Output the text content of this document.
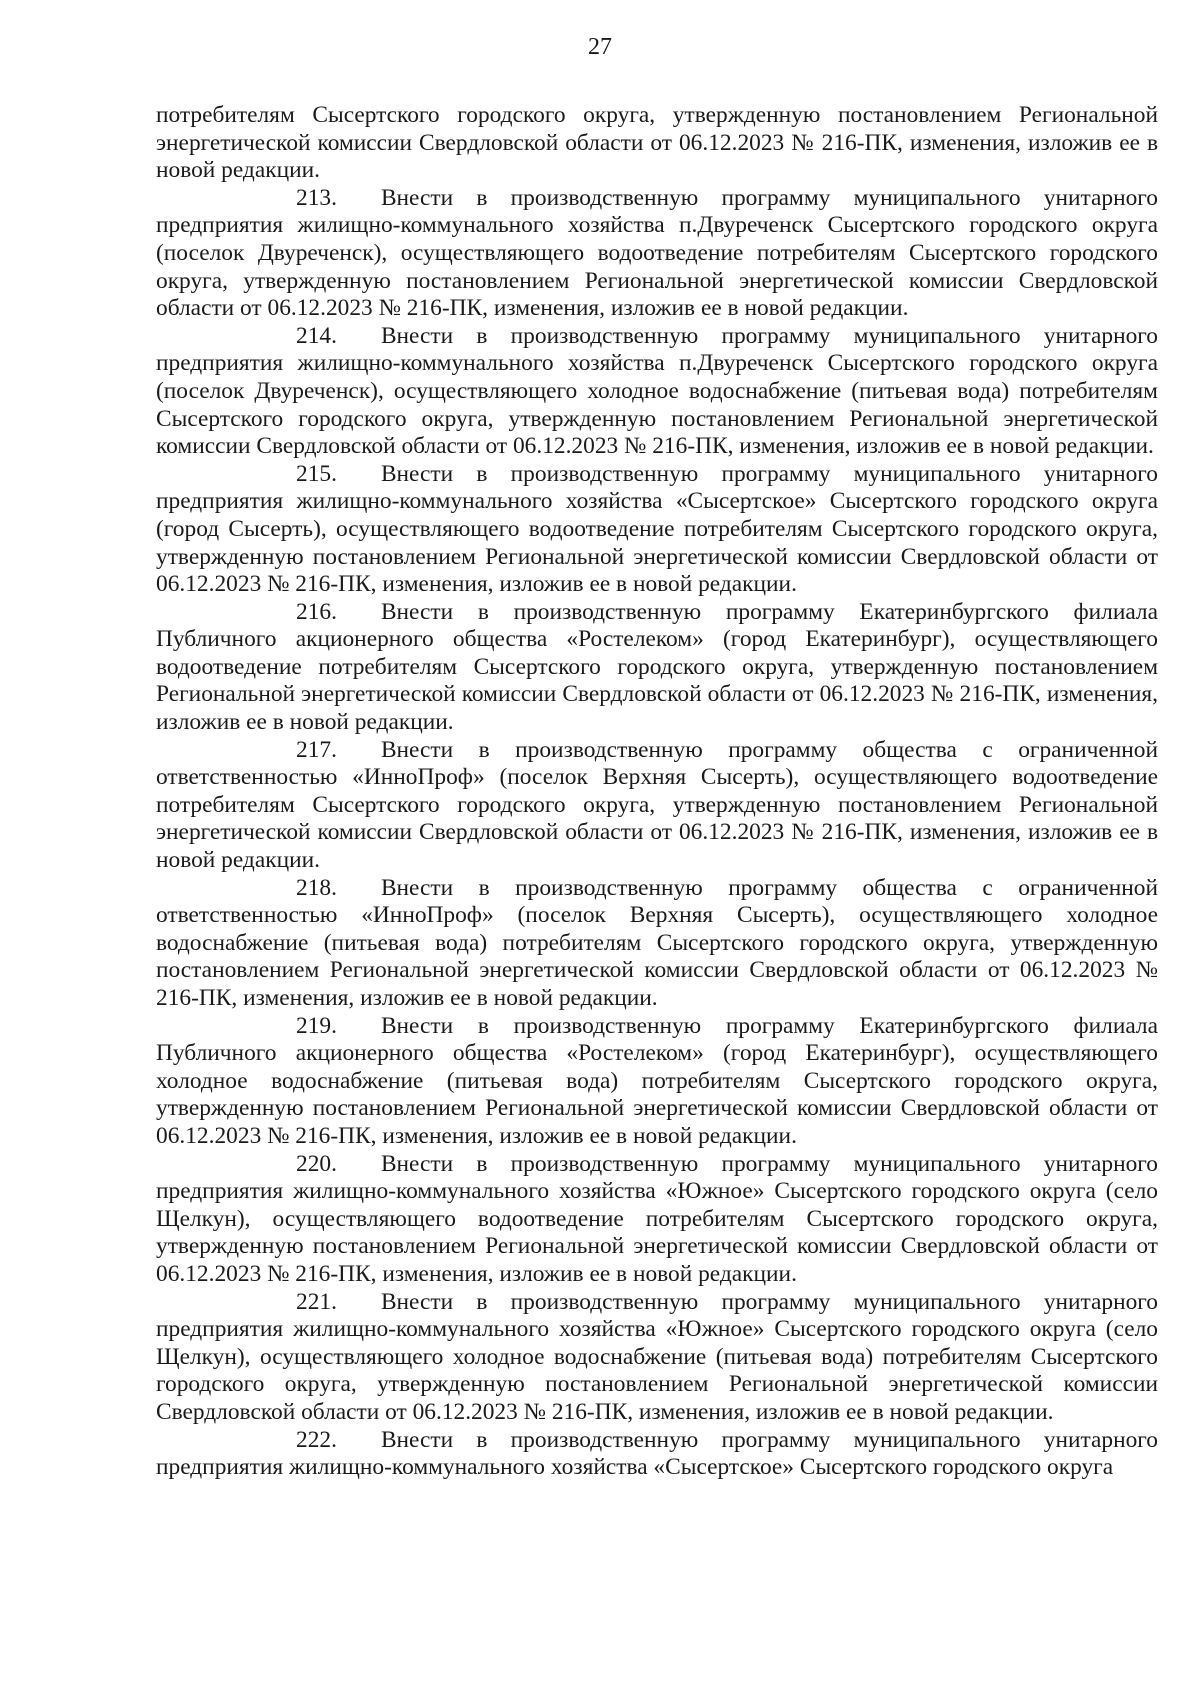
27

потребителям Сысертского городского округа, утвержденную постановлением Региональной энергетической комиссии Свердловской области от 06.12.2023 № 216-ПК, изменения, изложив ее в новой редакции.

213. Внести в производственную программу муниципального унитарного предприятия жилищно-коммунального хозяйства п.Двуреченск Сысертского городского округа (поселок Двуреченск), осуществляющего водоотведение потребителям Сысертского городского округа, утвержденную постановлением Региональной энергетической комиссии Свердловской области от 06.12.2023 № 216-ПК, изменения, изложив ее в новой редакции.

214. Внести в производственную программу муниципального унитарного предприятия жилищно-коммунального хозяйства п.Двуреченск Сысертского городского округа (поселок Двуреченск), осуществляющего холодное водоснабжение (питьевая вода) потребителям Сысертского городского округа, утвержденную постановлением Региональной энергетической комиссии Свердловской области от 06.12.2023 № 216-ПК, изменения, изложив ее в новой редакции.

215. Внести в производственную программу муниципального унитарного предприятия жилищно-коммунального хозяйства «Сысертское» Сысертского городского округа (город Сысерть), осуществляющего водоотведение потребителям Сысертского городского округа, утвержденную постановлением Региональной энергетической комиссии Свердловской области от 06.12.2023 № 216-ПК, изменения, изложив ее в новой редакции.

216. Внести в производственную программу Екатеринбургского филиала Публичного акционерного общества «Ростелеком» (город Екатеринбург), осуществляющего водоотведение потребителям Сысертского городского округа, утвержденную постановлением Региональной энергетической комиссии Свердловской области от 06.12.2023 № 216-ПК, изменения, изложив ее в новой редакции.

217. Внести в производственную программу общества с ограниченной ответственностью «ИнноПроф» (поселок Верхняя Сысерть), осуществляющего водоотведение потребителям Сысертского городского округа, утвержденную постановлением Региональной энергетической комиссии Свердловской области от 06.12.2023 № 216-ПК, изменения, изложив ее в новой редакции.

218. Внести в производственную программу общества с ограниченной ответственностью «ИнноПроф» (поселок Верхняя Сысерть), осуществляющего холодное водоснабжение (питьевая вода) потребителям Сысертского городского округа, утвержденную постановлением Региональной энергетической комиссии Свердловской области от 06.12.2023 № 216-ПК, изменения, изложив ее в новой редакции.

219. Внести в производственную программу Екатеринбургского филиала Публичного акционерного общества «Ростелеком» (город Екатеринбург), осуществляющего холодное водоснабжение (питьевая вода) потребителям Сысертского городского округа, утвержденную постановлением Региональной энергетической комиссии Свердловской области от 06.12.2023 № 216-ПК, изменения, изложив ее в новой редакции.

220. Внести в производственную программу муниципального унитарного предприятия жилищно-коммунального хозяйства «Южное» Сысертского городского округа (село Щелкун), осуществляющего водоотведение потребителям Сысертского городского округа, утвержденную постановлением Региональной энергетической комиссии Свердловской области от 06.12.2023 № 216-ПК, изменения, изложив ее в новой редакции.

221. Внести в производственную программу муниципального унитарного предприятия жилищно-коммунального хозяйства «Южное» Сысертского городского округа (село Щелкун), осуществляющего холодное водоснабжение (питьевая вода) потребителям Сысертского городского округа, утвержденную постановлением Региональной энергетической комиссии Свердловской области от 06.12.2023 № 216-ПК, изменения, изложив ее в новой редакции.

222. Внести в производственную программу муниципального унитарного предприятия жилищно-коммунального хозяйства «Сысертское» Сысертского городского округа
